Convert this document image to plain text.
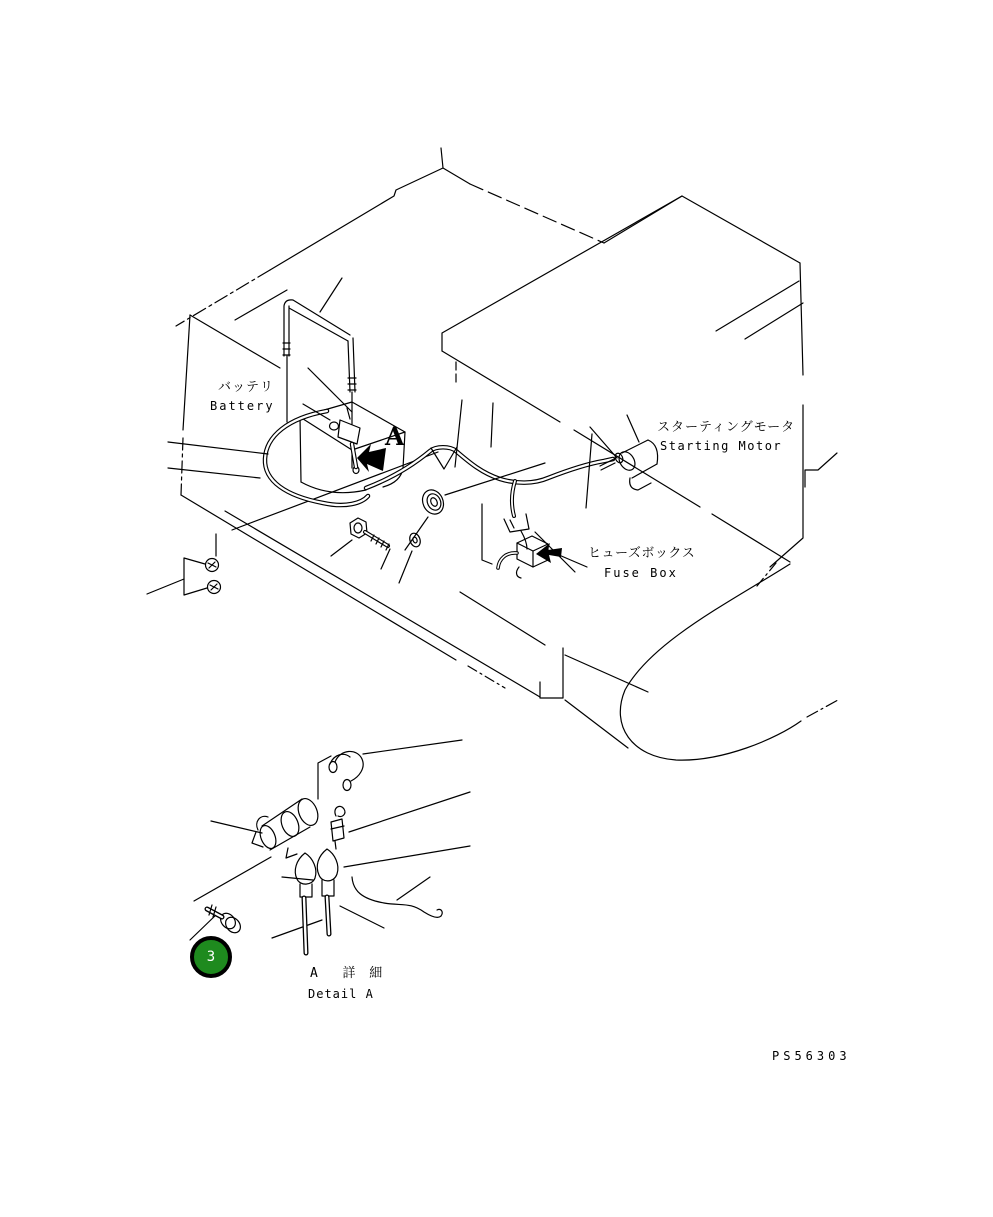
バッテリ
Battery
A	スターティングモータ
Starting Motor
ヒューズボックス
Fuse Box
A  詳 細
Detail A
PS56303
3
